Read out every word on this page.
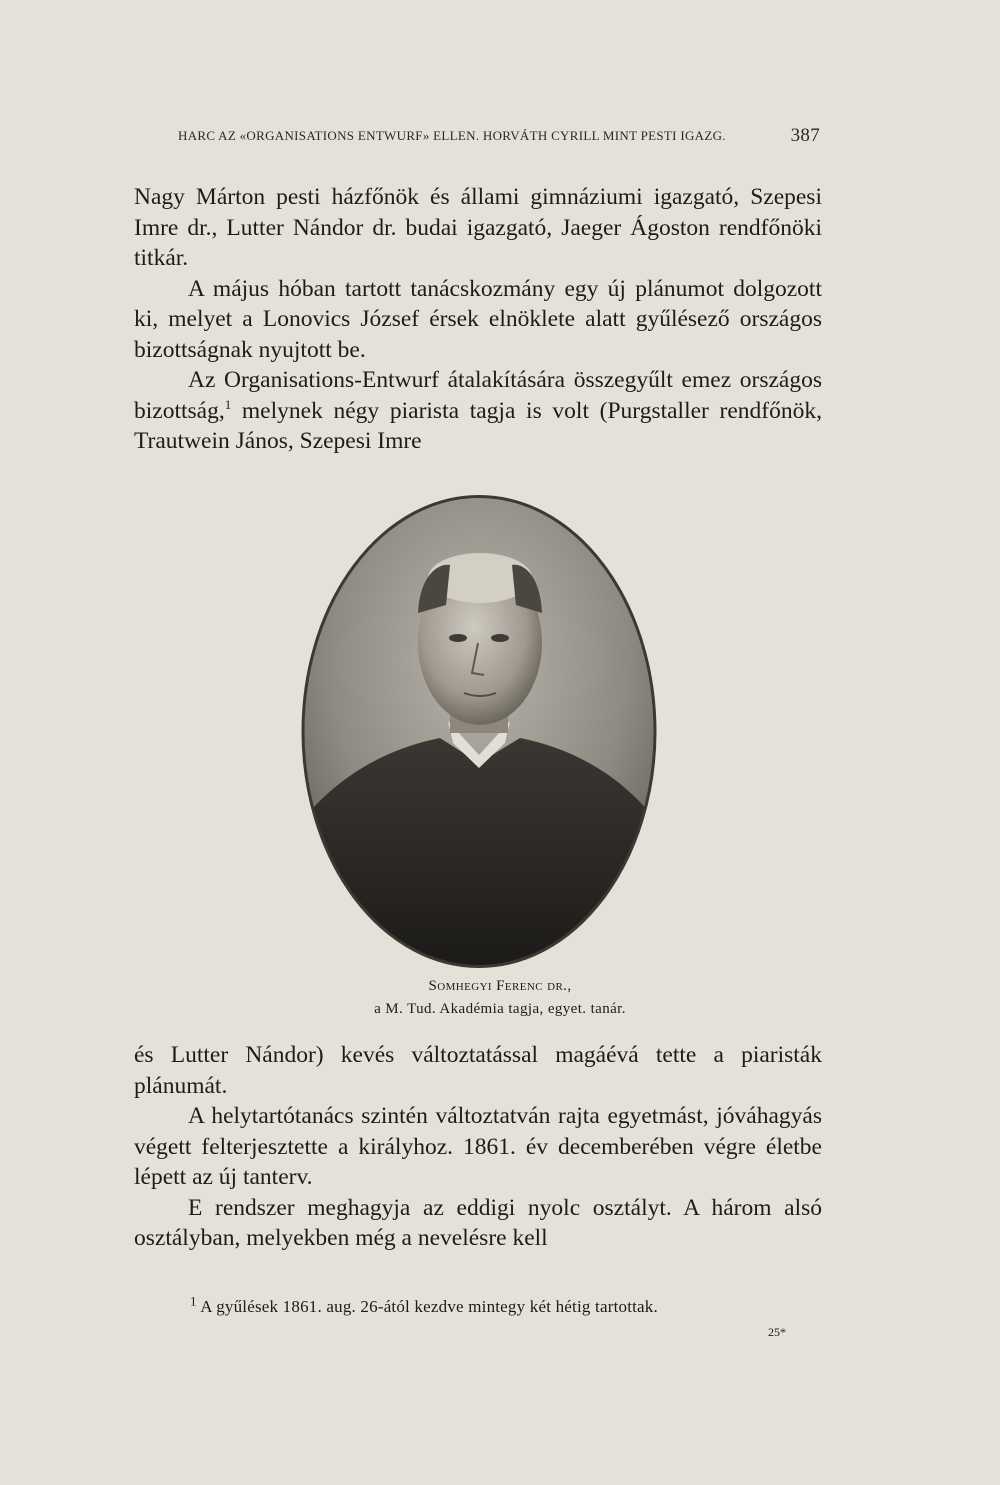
HARC AZ «ORGANISATIONS ENTWURF» ELLEN. HORVÁTH CYRILL MINT PESTI IGAZG.	387

Nagy Márton pesti házfőnök és állami gimnáziumi igazgató, Szepesi Imre dr., Lutter Nándor dr. budai igazgató, Jaeger Ágoston rendfőnöki titkár.

A május hóban tartott tanácskozmány egy új plánumot dolgozott ki, melyet a Lonovics József érsek elnöklete alatt gyűlésező országos bizottságnak nyujtott be.

Az Organisations-Entwurf átalakítására összegyűlt emez országos bizottság,$^1$ melynek négy piarista tagja is volt (Purgstaller rendfőnök, Trautwein János, Szepesi Imre

Somhegyi Ferenc dr.,
a M. Tud. Akadémia tagja, egyet. tanár.

és Lutter Nándor) kevés változtatással magáévá tette a piaristák plánumát.

A helytartótanács szintén változtatván rajta egyetmást, jóváhagyás végett felterjesztette a királyhoz. 1861. év decemberében végre életbe lépett az új tanterv.

E rendszer meghagyja az eddigi nyolc osztályt. A három alsó osztályban, melyekben még a nevelésre kell

$^1$ A gyűlések 1861. aug. 26-ától kezdve mintegy két hétig tartottak.
25*
